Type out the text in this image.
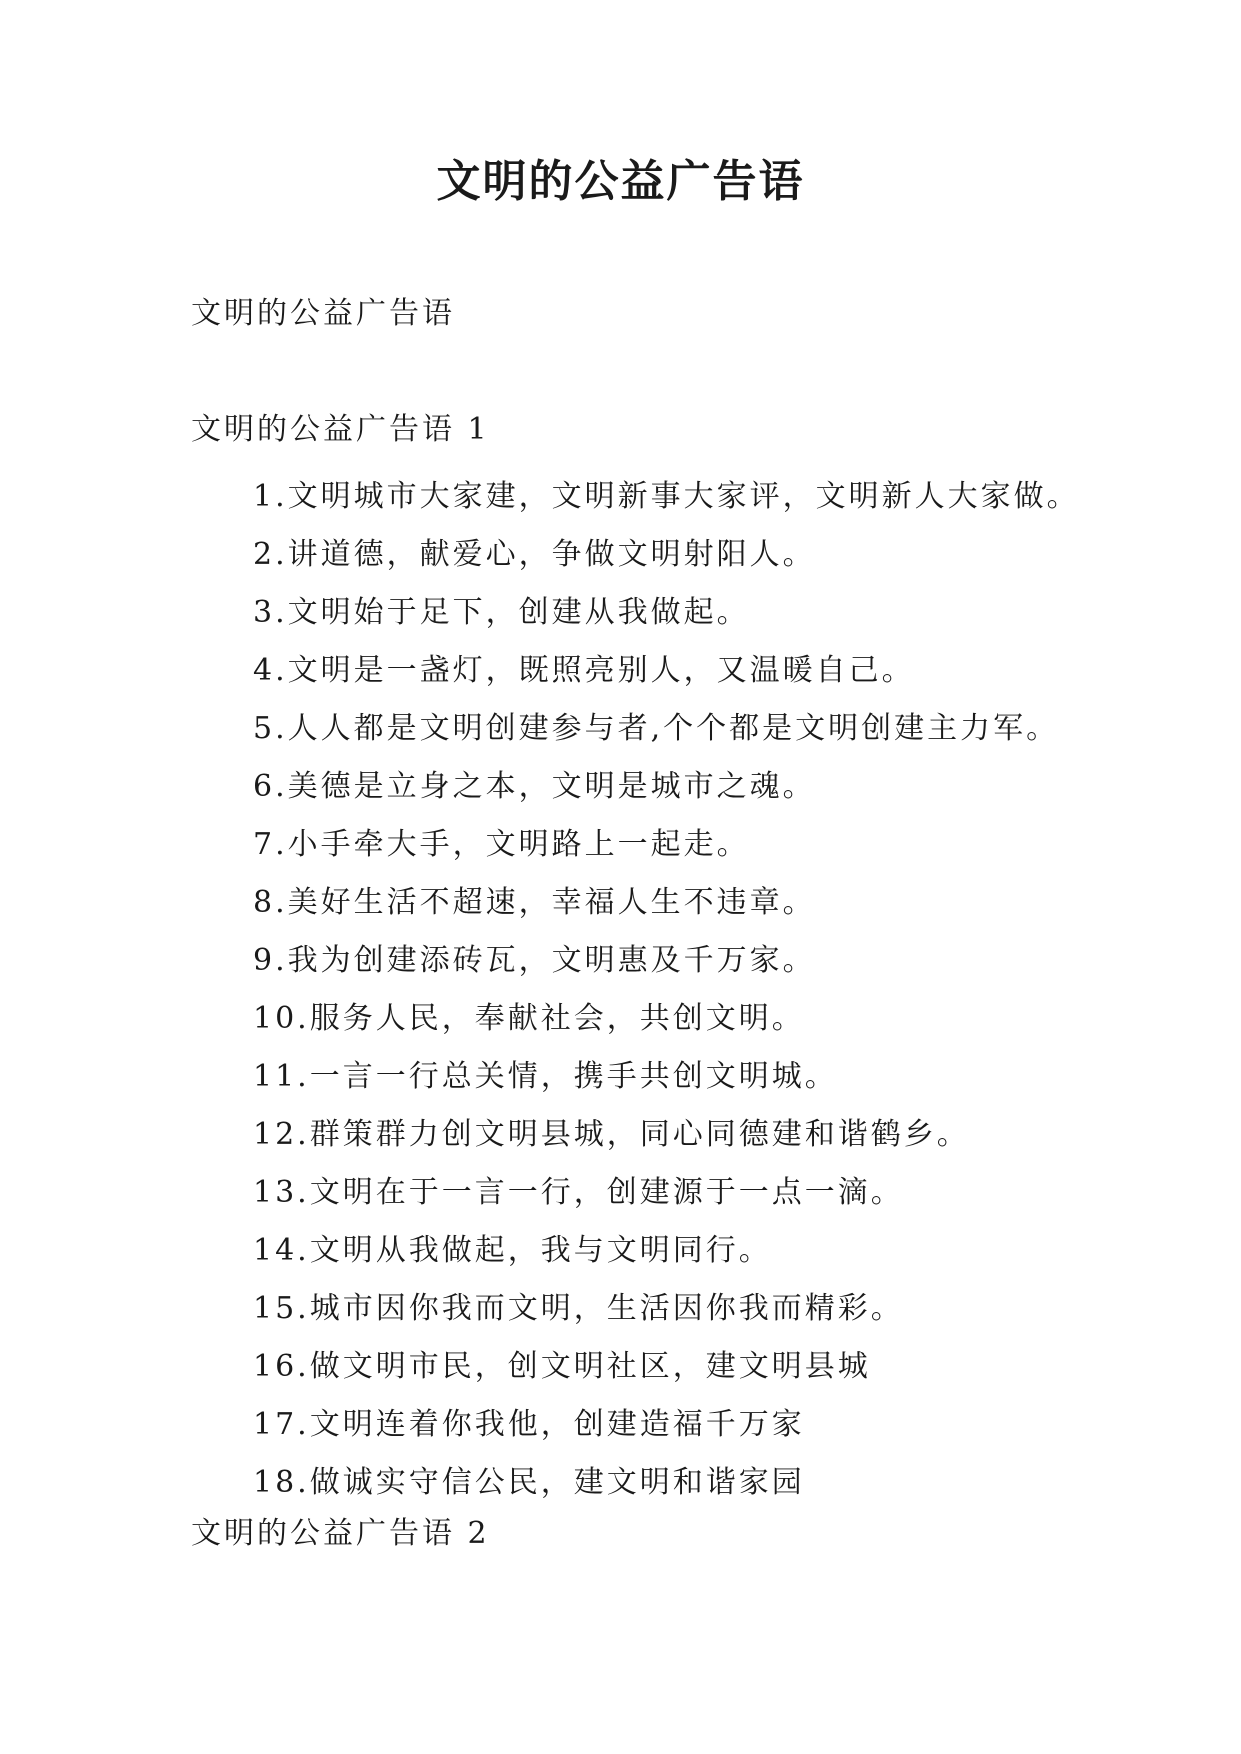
文明的公益广告语

文明的公益广告语

文明的公益广告语 1

1.文明城市大家建，文明新事大家评，文明新人大家做。
2.讲道德，献爱心，争做文明射阳人。
3.文明始于足下，创建从我做起。
4.文明是一盏灯，既照亮别人，又温暖自己。
5.人人都是文明创建参与者,个个都是文明创建主力军。
6.美德是立身之本，文明是城市之魂。
7.小手牵大手，文明路上一起走。
8.美好生活不超速，幸福人生不违章。
9.我为创建添砖瓦，文明惠及千万家。
10.服务人民，奉献社会，共创文明。
11.一言一行总关情，携手共创文明城。
12.群策群力创文明县城，同心同德建和谐鹤乡。
13.文明在于一言一行，创建源于一点一滴。
14.文明从我做起，我与文明同行。
15.城市因你我而文明，生活因你我而精彩。
16.做文明市民，创文明社区，建文明县城
17.文明连着你我他，创建造福千万家
18.做诚实守信公民，建文明和谐家园

文明的公益广告语 2
